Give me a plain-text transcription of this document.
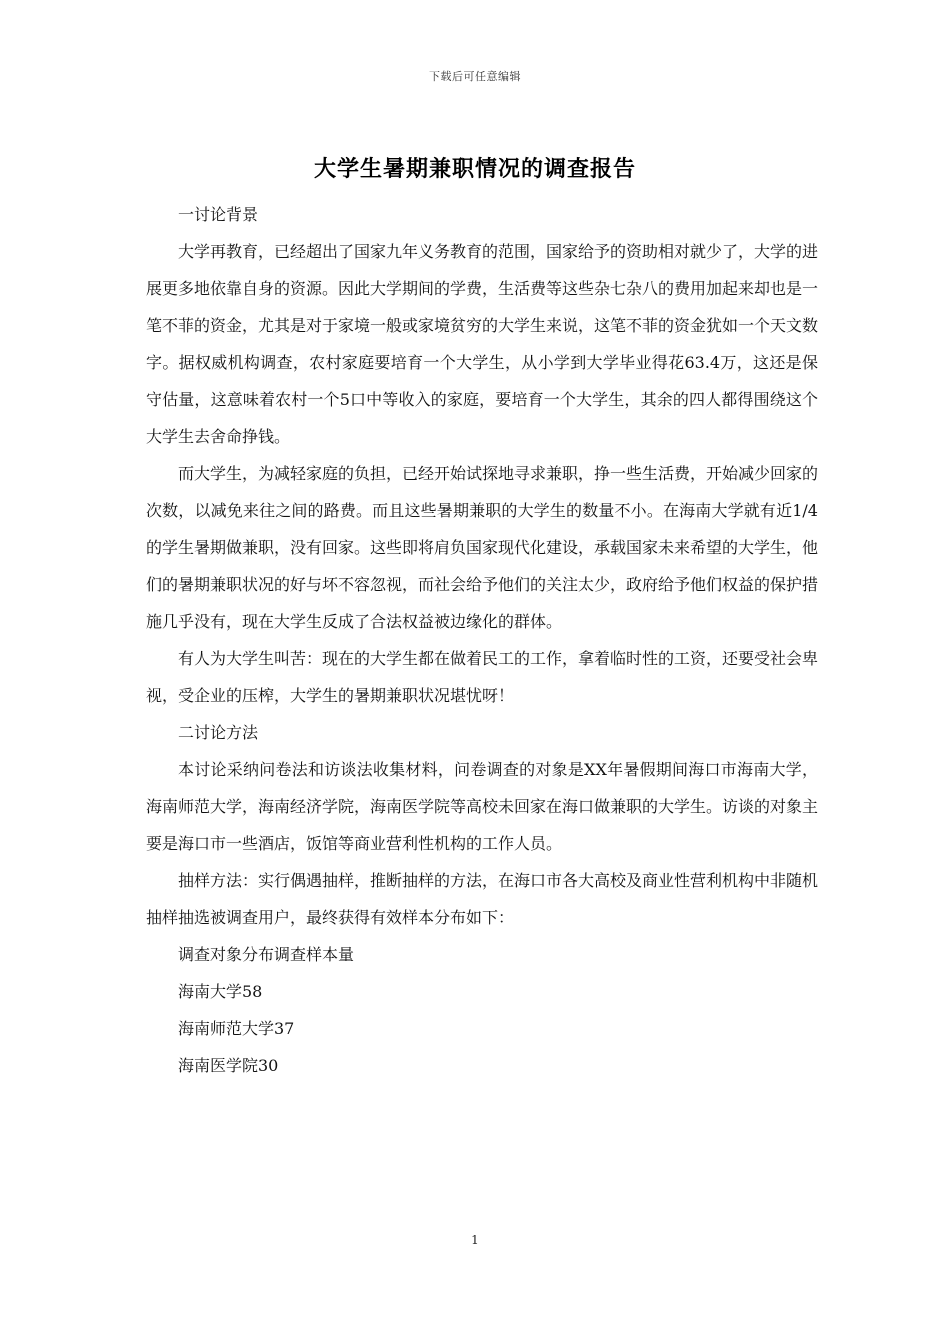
下载后可任意编辑
大学生暑期兼职情况的调查报告

一讨论背景

大学再教育，已经超出了国家九年义务教育的范围，国家给予的资助相对就少了，大学的进展更多地依靠自身的资源。因此大学期间的学费，生活费等这些杂七杂八的费用加起来却也是一笔不菲的资金，尤其是对于家境一般或家境贫穷的大学生来说，这笔不菲的资金犹如一个天文数字。据权威机构调查，农村家庭要培育一个大学生，从小学到大学毕业得花63.4万，这还是保守估量，这意味着农村一个5口中等收入的家庭，要培育一个大学生，其余的四人都得围绕这个大学生去舍命挣钱。

而大学生，为减轻家庭的负担，已经开始试探地寻求兼职，挣一些生活费，开始减少回家的次数，以减免来往之间的路费。而且这些暑期兼职的大学生的数量不小。在海南大学就有近1/4的学生暑期做兼职，没有回家。这些即将肩负国家现代化建设，承载国家未来希望的大学生，他们的暑期兼职状况的好与坏不容忽视，而社会给予他们的关注太少，政府给予他们权益的保护措施几乎没有，现在大学生反成了合法权益被边缘化的群体。

有人为大学生叫苦：现在的大学生都在做着民工的工作，拿着临时性的工资，还要受社会卑视，受企业的压榨，大学生的暑期兼职状况堪忧呀！

二讨论方法

本讨论采纳问卷法和访谈法收集材料，问卷调查的对象是XX年暑假期间海口市海南大学，海南师范大学，海南经济学院，海南医学院等高校未回家在海口做兼职的大学生。访谈的对象主要是海口市一些酒店，饭馆等商业营利性机构的工作人员。

抽样方法：实行偶遇抽样，推断抽样的方法，在海口市各大高校及商业性营利机构中非随机抽样抽选被调查用户，最终获得有效样本分布如下：

调查对象分布调查样本量

海南大学58

海南师范大学37

海南医学院30

1
